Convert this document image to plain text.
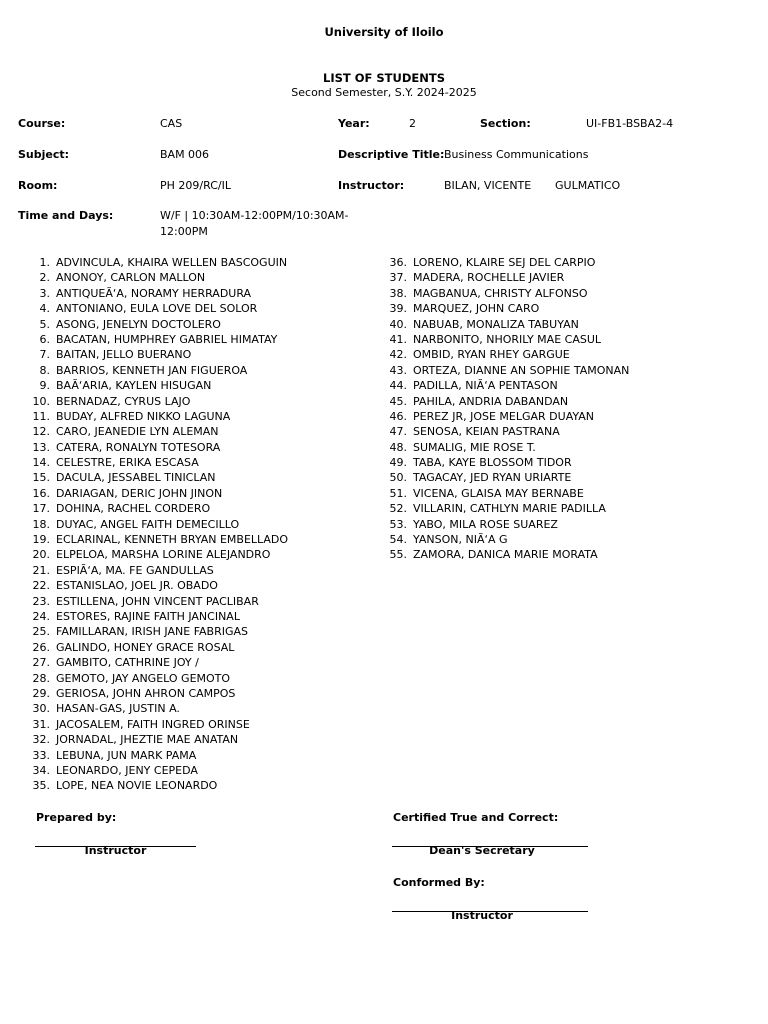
University of Iloilo
LIST OF STUDENTS
Second Semester, S.Y. 2024-2025
Course:	CAS	Year:	2	Section:	UI-FB1-BSBA2-4
Subject:	BAM 006	Descriptive Title: Business Communications
Room:	PH 209/RC/IL	Instructor:	BILAN, VICENTE GULMATICO
Time and Days:	W/F | 10:30AM-12:00PM/10:30AM-
12:00PM
1. ADVINCULA, KHAIRA WELLEN BASCOGUIN
2. ANONOY, CARLON MALLON
3. ANTIQUEÃ‘A, NORAMY HERRADURA
4. ANTONIANO, EULA LOVE DEL SOLOR
5. ASONG, JENELYN DOCTOLERO
6. BACATAN, HUMPHREY GABRIEL HIMATAY
7. BAITAN, JELLO BUERANO
8. BARRIOS, KENNETH JAN FIGUEROA
9. BAÃ‘ARIA, KAYLEN HISUGAN
10. BERNADAZ, CYRUS LAJO
11. BUDAY, ALFRED NIKKO LAGUNA
12. CARO, JEANEDIE LYN ALEMAN
13. CATERA, RONALYN TOTESORA
14. CELESTRE, ERIKA ESCASA
15. DACULA, JESSABEL TINICLAN
16. DARIAGAN, DERIC JOHN JINON
17. DOHINA, RACHEL CORDERO
18. DUYAC, ANGEL FAITH DEMECILLO
19. ECLARINAL, KENNETH BRYAN EMBELLADO
20. ELPELOA, MARSHA LORINE ALEJANDRO
21. ESPIÃ‘A, MA. FE GANDULLAS
22. ESTANISLAO, JOEL JR. OBADO
23. ESTILLENA, JOHN VINCENT PACLIBAR
24. ESTORES, RAJINE FAITH JANCINAL
25. FAMILLARAN, IRISH JANE FABRIGAS
26. GALINDO, HONEY GRACE ROSAL
27. GAMBITO, CATHRINE JOY /
28. GEMOTO, JAY ANGELO GEMOTO
29. GERIOSA, JOHN AHRON CAMPOS
30. HASAN-GAS, JUSTIN A.
31. JACOSALEM, FAITH INGRED ORINSE
32. JORNADAL, JHEZTIE MAE ANATAN
33. LEBUNA, JUN MARK PAMA
34. LEONARDO, JENY CEPEDA
35. LOPE, NEA NOVIE LEONARDO
36. LORENO, KLAIRE SEJ DEL CARPIO
37. MADERA, ROCHELLE JAVIER
38. MAGBANUA, CHRISTY ALFONSO
39. MARQUEZ, JOHN CARO
40. NABUAB, MONALIZA TABUYAN
41. NARBONITO, NHORILY MAE CASUL
42. OMBID, RYAN RHEY GARGUE
43. ORTEZA, DIANNE AN SOPHIE TAMONAN
44. PADILLA, NIÃ‘A PENTASON
45. PAHILA, ANDRIA DABANDAN
46. PEREZ JR, JOSE MELGAR DUAYAN
47. SENOSA, KEIAN PASTRANA
48. SUMALIG, MIE ROSE T.
49. TABA, KAYE BLOSSOM TIDOR
50. TAGACAY, JED RYAN URIARTE
51. VICENA, GLAISA MAY BERNABE
52. VILLARIN, CATHLYN MARIE PADILLA
53. YABO, MILA ROSE SUAREZ
54. YANSON, NIÃ‘A G
55. ZAMORA, DANICA MARIE MORATA
Prepared by:
Instructor
Certified True and Correct:
Dean's Secretary
Conformed By:
Instructor
